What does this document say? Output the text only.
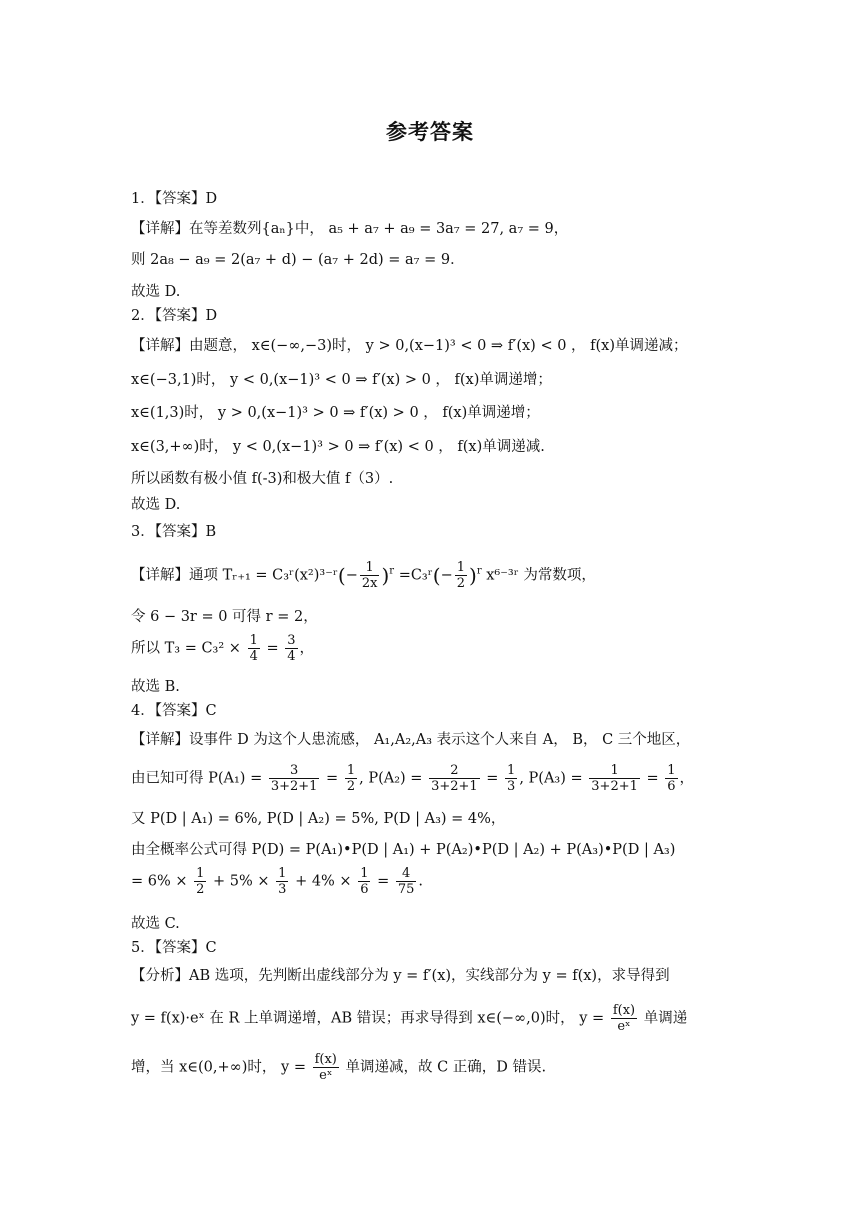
参考答案
1．【答案】D
【详解】在等差数列{aₙ}中， a₅ + a₇ + a₉ = 3a₇ = 27, a₇ = 9，
则 2a₈ − a₉ = 2(a₇ + d) − (a₇ + 2d) = a₇ = 9．
故选 D.
2．【答案】D
【详解】由题意， x∈(−∞,−3)时， y > 0,(x−1)³ < 0 ⇒ f′(x) < 0 ， f(x)单调递减；
x∈(−3,1)时， y < 0,(x−1)³ < 0 ⇒ f′(x) > 0 ， f(x)单调递增；
x∈(1,3)时， y > 0,(x−1)³ > 0 ⇒ f′(x) > 0 ， f(x)单调递增；
x∈(3,+∞)时， y < 0,(x−1)³ > 0 ⇒ f′(x) < 0 ， f(x)单调递减.
所以函数有极小值 f(-3)和极大值 f（3）.
故选 D.
3．【答案】B
【详解】通项 Tᵣ₊₁ = C₃ʳ(x²)³⁻ʳ(− $\frac{1}{2x} )^r$ =C₃ʳ(− $\frac{1}{2} )^r$ x⁶⁻³ʳ 为常数项，
令 6 − 3r = 0 可得 r = 2，
所以 $T_3 = C_3^2 \times \frac{1}{4} = \frac{3}{4}$ ，
故选 B.
4．【答案】C
【详解】设事件 D 为这个人患流感， A₁,A₂,A₃ 表示这个人来自 A， B， C 三个地区，
由已知可得 $P(A_1) = \frac{3}{3+2+1} = \frac{1}{2}$ , $P(A_2) = \frac{2}{3+2+1} = \frac{1}{3}$ , $P(A_3) = \frac{1}{3+2+1} = \frac{1}{6}$ ，
又 P(D | A₁) = 6%, P(D | A₂) = 5%, P(D | A₃) = 4%，
由全概率公式可得 P(D) = P(A₁)•P(D | A₁) + P(A₂)•P(D | A₂) + P(A₃)•P(D | A₃)
= $6\% \times \frac{1}{2} + 5\% \times \frac{1}{3} + 4\% \times \frac{1}{6} = \frac{4}{75}$ .
故选 C.
5．【答案】C
【分析】AB 选项，先判断出虚线部分为 y = f′(x)，实线部分为 y = f(x)，求导得到
y = f(x)·eˣ 在 R 上单调递增，AB 错误；再求导得到 x∈(−∞,0)时， $y = \frac{f(x)}{\text{eˣ}}$ 单调递
增，当 x∈(0,+∞)时， $y = \frac{f(x)}{\text{eˣ}}$ 单调递减，故 C 正确，D 错误.
